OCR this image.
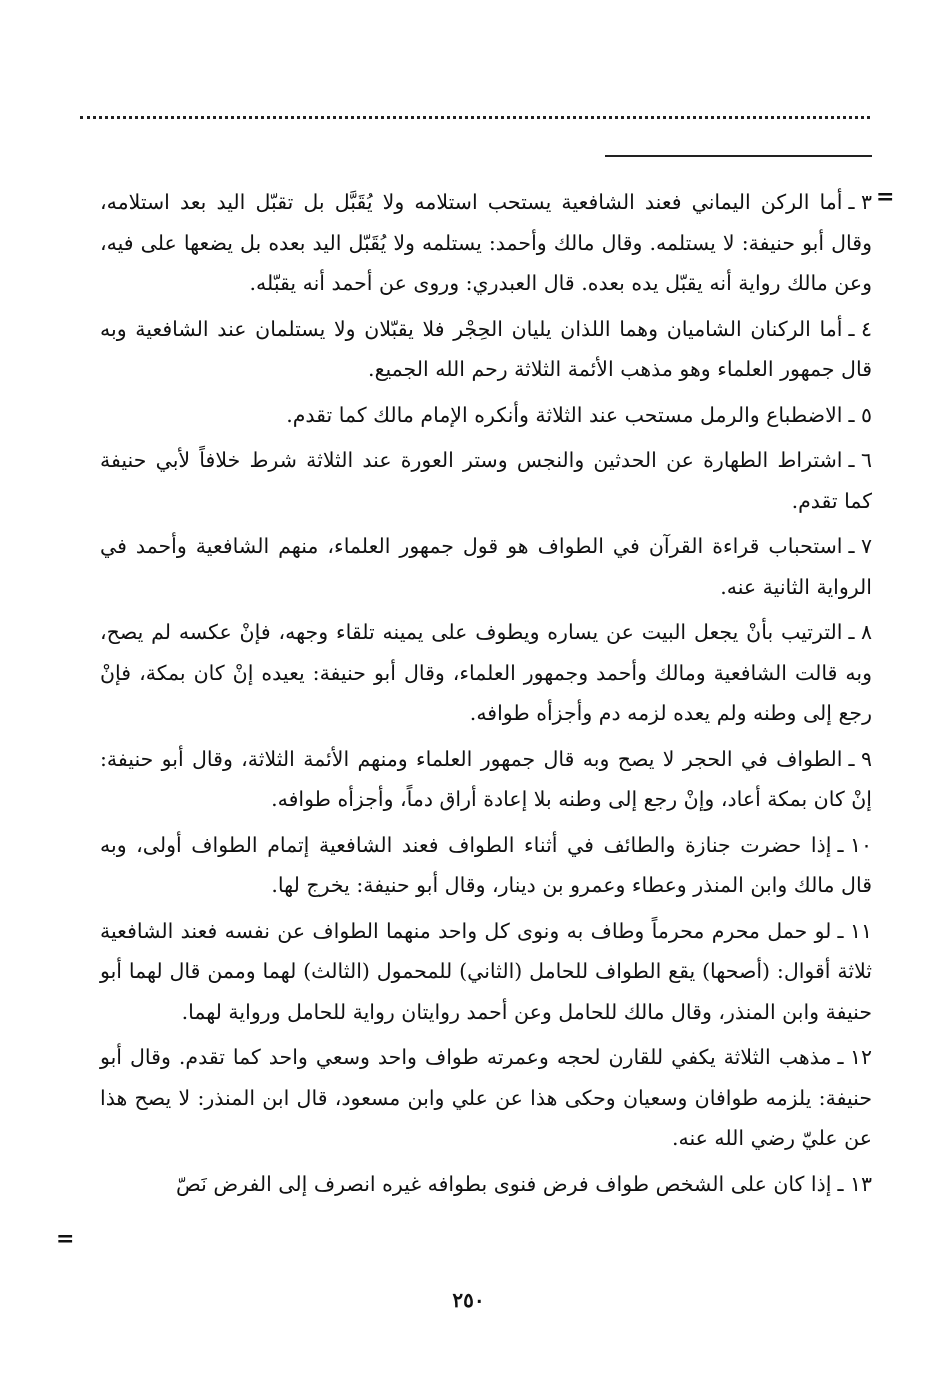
=
=

٣ ـأما الركن اليماني فعند الشافعية يستحب استلامه ولا يُقَبَّل بل تقبّل اليد بعد استلامه، وقال أبو حنيفة: لا يستلمه. وقال مالك وأحمد: يستلمه ولا يُقَبّل اليد بعده بل يضعها على فيه، وعن مالك رواية أنه يقبّل يده بعده. قال العبدري: وروى عن أحمد أنه يقبّله.

٤ ـأما الركنان الشاميان وهما اللذان يليان الحِجْر فلا يقبّلان ولا يستلمان عند الشافعية وبه قال جمهور العلماء وهو مذهب الأئمة الثلاثة رحم الله الجميع.

٥ ـالاضطباع والرمل مستحب عند الثلاثة وأنكره الإمام مالك كما تقدم.

٦ ـاشتراط الطهارة عن الحدثين والنجس وستر العورة عند الثلاثة شرط خلافاً لأبي حنيفة كما تقدم.

٧ ـاستحباب قراءة القرآن في الطواف هو قول جمهور العلماء، منهم الشافعية وأحمد في الرواية الثانية عنه.

٨ ـالترتيب بأنْ يجعل البيت عن يساره ويطوف على يمينه تلقاء وجهه، فإنْ عكسه لم يصح، وبه قالت الشافعية ومالك وأحمد وجمهور العلماء، وقال أبو حنيفة: يعيده إنْ كان بمكة، فإنْ رجع إلى وطنه ولم يعده لزمه دم وأجزأه طوافه.

٩ ـالطواف في الحجر لا يصح وبه قال جمهور العلماء ومنهم الأئمة الثلاثة، وقال أبو حنيفة: إنْ كان بمكة أعاد، وإنْ رجع إلى وطنه بلا إعادة أراق دماً، وأجزأه طوافه.

١٠ ـإذا حضرت جنازة والطائف في أثناء الطواف فعند الشافعية إتمام الطواف أولى، وبه قال مالك وابن المنذر وعطاء وعمرو بن دينار، وقال أبو حنيفة: يخرج لها.

١١ ـلو حمل محرم محرماً وطاف به ونوى كل واحد منهما الطواف عن نفسه فعند الشافعية ثلاثة أقوال: (أصحها) يقع الطواف للحامل (الثاني) للمحمول (الثالث) لهما وممن قال لهما أبو حنيفة وابن المنذر، وقال مالك للحامل وعن أحمد روايتان رواية للحامل ورواية لهما.

١٢ ـمذهب الثلاثة يكفي للقارن لحجه وعمرته طواف واحد وسعي واحد كما تقدم. وقال أبو حنيفة: يلزمه طوافان وسعيان وحكى هذا عن علي وابن مسعود، قال ابن المنذر: لا يصح هذا عن عليّ رضي الله عنه.

١٣ ـإذا كان على الشخص طواف فرض فنوى بطوافه غيره انصرف إلى الفرض نَصّ

٢٥٠
